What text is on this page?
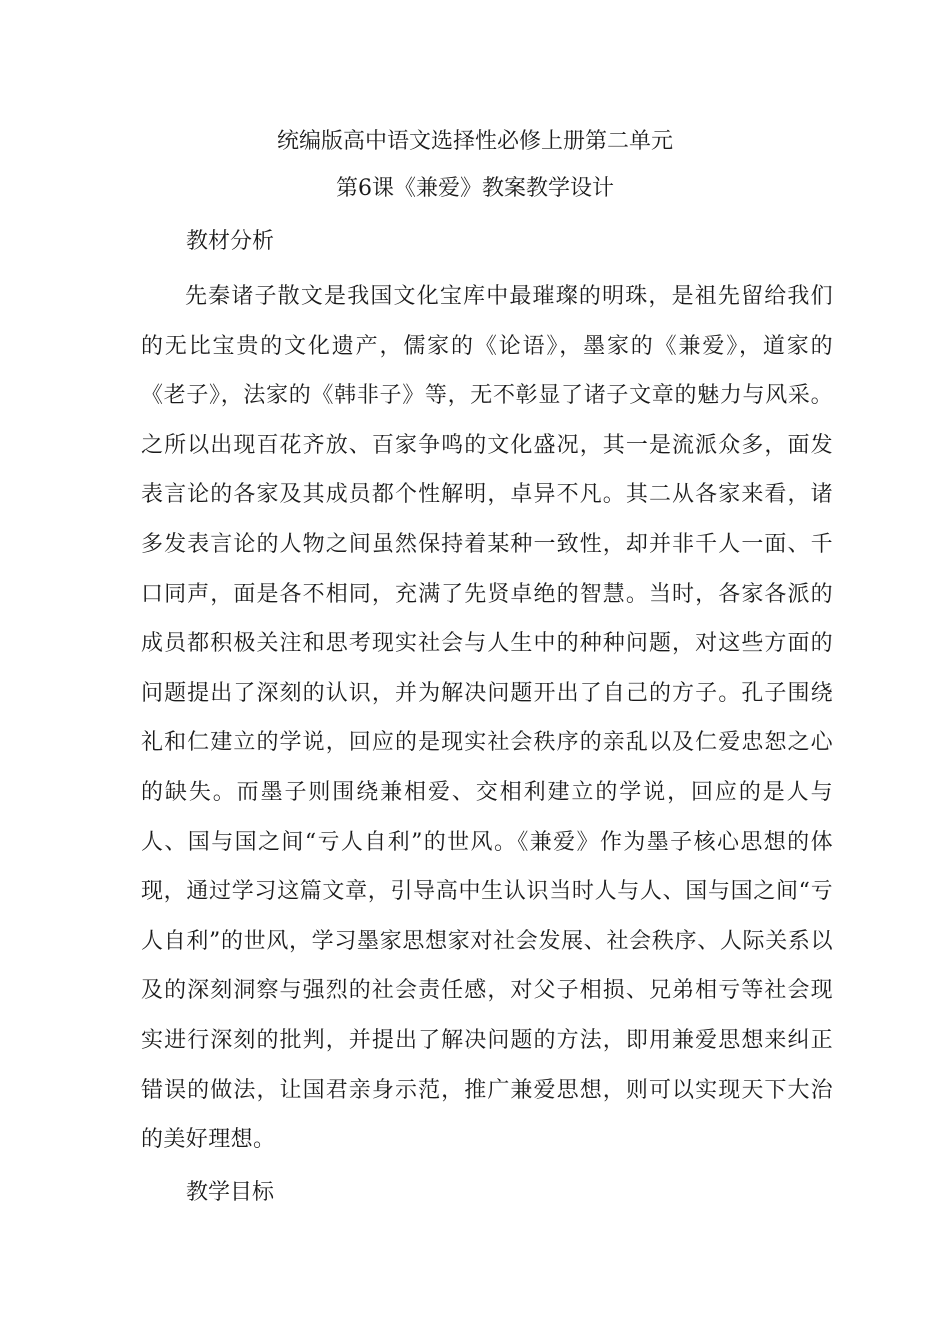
统编版高中语文选择性必修上册第二单元
第6课《兼爱》教案教学设计
教材分析

先秦诸子散文是我国文化宝库中最璀璨的明珠，是祖先留给我们的无比宝贵的文化遗产，儒家的《论语》，墨家的《兼爱》，道家的《老子》，法家的《韩非子》等，无不彰显了诸子文章的魅力与风采。之所以出现百花齐放、百家争鸣的文化盛况，其一是流派众多，面发表言论的各家及其成员都个性解明，卓异不凡。其二从各家来看，诸多发表言论的人物之间虽然保持着某种一致性，却并非千人一面、千口同声，面是各不相同，充满了先贤卓绝的智慧。当时，各家各派的成员都积极关注和思考现实社会与人生中的种种问题，对这些方面的问题提出了深刻的认识，并为解决问题开出了自己的方子。孔子围绕礼和仁建立的学说，回应的是现实社会秩序的亲乱以及仁爱忠恕之心的缺失。而墨子则围绕兼相爱、交相利建立的学说，回应的是人与人、国与国之间“亏人自利”的世风。《兼爱》作为墨子核心思想的体现，通过学习这篇文章，引导高中生认识当时人与人、国与国之间“亏人自利”的世风，学习墨家思想家对社会发展、社会秩序、人际关系以及的深刻洞察与强烈的社会责任感，对父子相损、兄弟相亏等社会现实进行深刻的批判，并提出了解决问题的方法，即用兼爱思想来纠正错误的做法，让国君亲身示范，推广兼爱思想，则可以实现天下大治的美好理想。

教学目标
